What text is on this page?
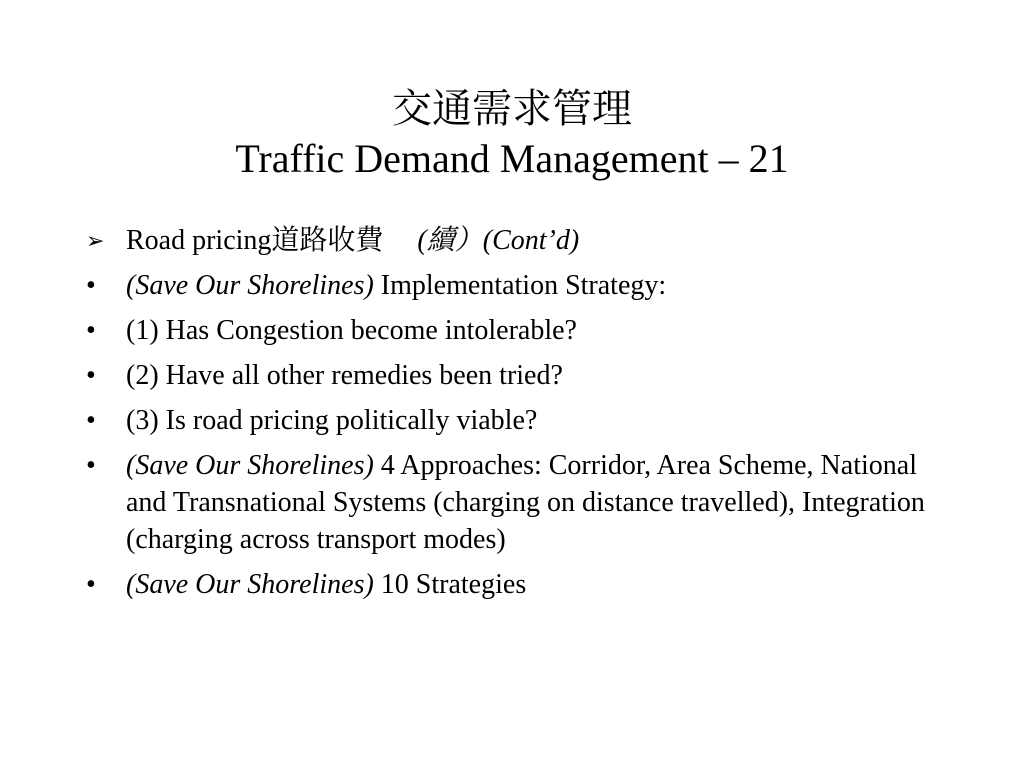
交通需求管理
Traffic Demand Management – 21
➢ Road pricing道路收費 (續）(Cont’d)
•	(Save Our Shorelines) Implementation Strategy:
•	(1) Has Congestion become intolerable?
•	(2) Have all other remedies been tried?
•	(3) Is road pricing politically viable?
•	(Save Our Shorelines) 4 Approaches: Corridor, Area Scheme, National and Transnational Systems (charging on distance travelled), Integration (charging across transport modes)
•	(Save Our Shorelines) 10 Strategies
